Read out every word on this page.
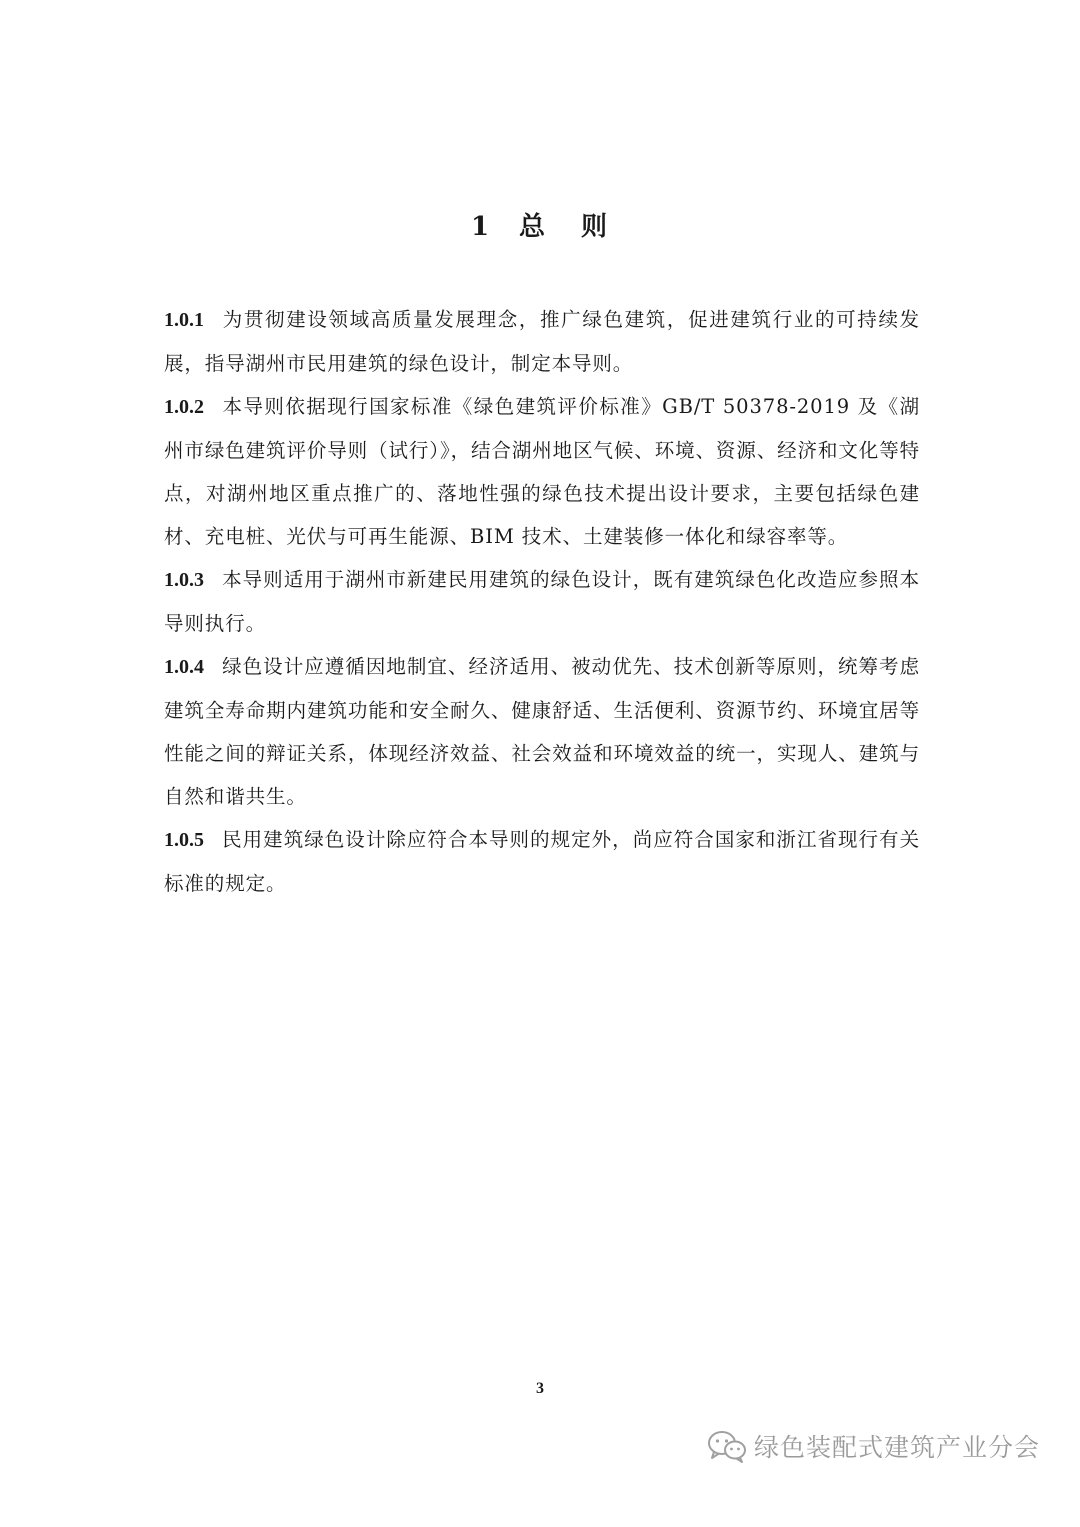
1 总 则

1.0.1 为贯彻建设领域高质量发展理念，推广绿色建筑，促进建筑行业的可持续发展，指导湖州市民用建筑的绿色设计，制定本导则。

1.0.2 本导则依据现行国家标准《绿色建筑评价标准》GB/T 50378-2019 及《湖州市绿色建筑评价导则（试行）》，结合湖州地区气候、环境、资源、经济和文化等特点，对湖州地区重点推广的、落地性强的绿色技术提出设计要求，主要包括绿色建材、充电桩、光伏与可再生能源、BIM 技术、土建装修一体化和绿容率等。

1.0.3 本导则适用于湖州市新建民用建筑的绿色设计，既有建筑绿色化改造应参照本导则执行。

1.0.4 绿色设计应遵循因地制宜、经济适用、被动优先、技术创新等原则，统筹考虑建筑全寿命期内建筑功能和安全耐久、健康舒适、生活便利、资源节约、环境宜居等性能之间的辩证关系，体现经济效益、社会效益和环境效益的统一，实现人、建筑与自然和谐共生。

1.0.5 民用建筑绿色设计除应符合本导则的规定外，尚应符合国家和浙江省现行有关标准的规定。

3
绿色装配式建筑产业分会
